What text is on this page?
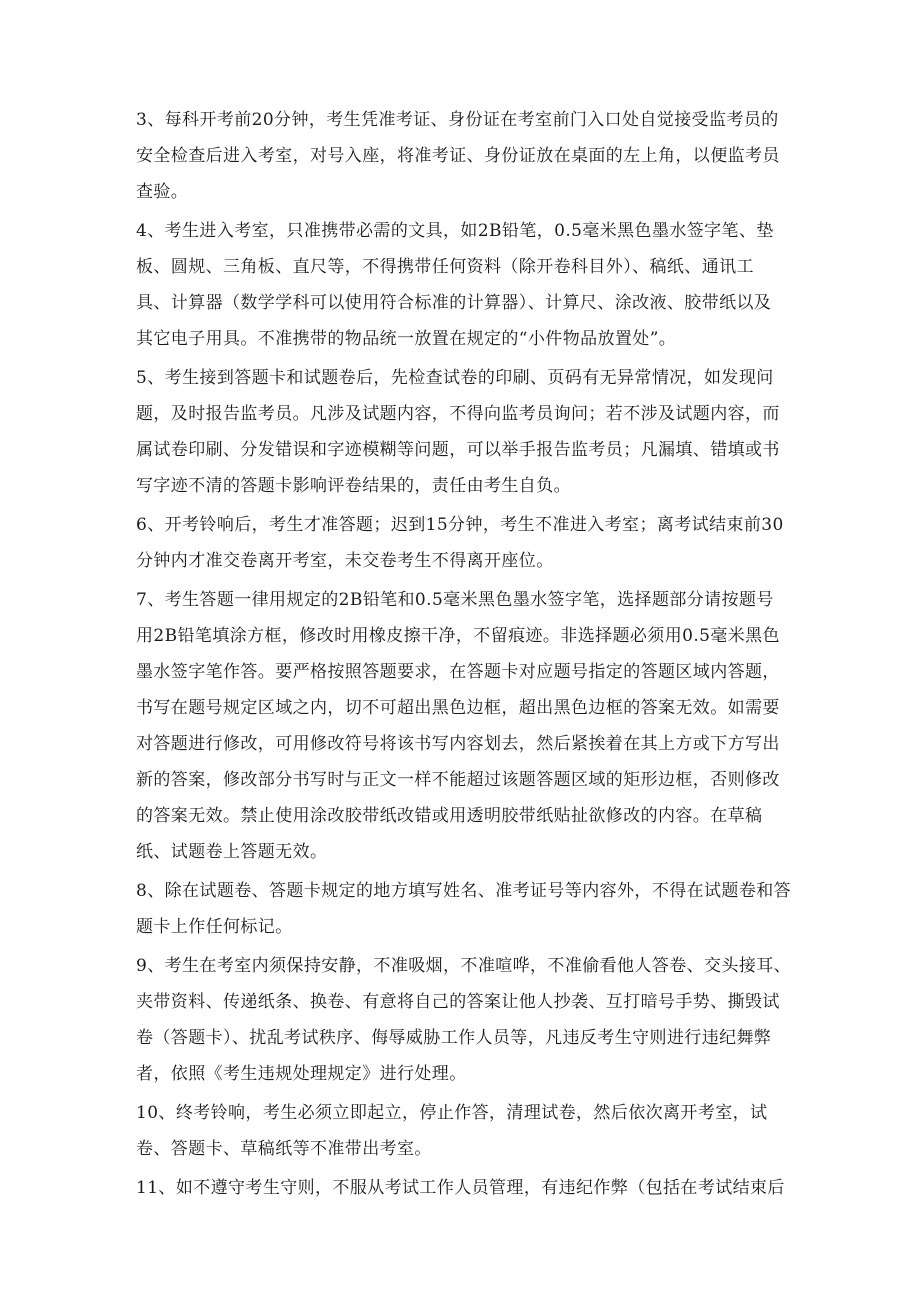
3、每科开考前20分钟，考生凭准考证、身份证在考室前门入口处自觉接受监考员的
安全检查后进入考室，对号入座，将准考证、身份证放在桌面的左上角，以便监考员
查验。
4、考生进入考室，只准携带必需的文具，如2B铅笔，0.5毫米黑色墨水签字笔、垫
板、圆规、三角板、直尺等，不得携带任何资料（除开卷科目外）、稿纸、通讯工
具、计算器（数学学科可以使用符合标准的计算器）、计算尺、涂改液、胶带纸以及
其它电子用具。不准携带的物品统一放置在规定的“小件物品放置处”。
5、考生接到答题卡和试题卷后，先检查试卷的印刷、页码有无异常情况，如发现问
题，及时报告监考员。凡涉及试题内容，不得向监考员询问；若不涉及试题内容，而
属试卷印刷、分发错误和字迹模糊等问题，可以举手报告监考员；凡漏填、错填或书
写字迹不清的答题卡影响评卷结果的，责任由考生自负。
6、开考铃响后，考生才准答题；迟到15分钟，考生不准进入考室；离考试结束前30
分钟内才准交卷离开考室，未交卷考生不得离开座位。
7、考生答题一律用规定的2B铅笔和0.5毫米黑色墨水签字笔，选择题部分请按题号
用2B铅笔填涂方框，修改时用橡皮擦干净，不留痕迹。非选择题必须用0.5毫米黑色
墨水签字笔作答。要严格按照答题要求，在答题卡对应题号指定的答题区域内答题，
书写在题号规定区域之内，切不可超出黑色边框，超出黑色边框的答案无效。如需要
对答题进行修改，可用修改符号将该书写内容划去，然后紧挨着在其上方或下方写出
新的答案，修改部分书写时与正文一样不能超过该题答题区域的矩形边框，否则修改
的答案无效。禁止使用涂改胶带纸改错或用透明胶带纸贴扯欲修改的内容。在草稿
纸、试题卷上答题无效。
8、除在试题卷、答题卡规定的地方填写姓名、准考证号等内容外，不得在试题卷和答
题卡上作任何标记。
9、考生在考室内须保持安静，不准吸烟，不准喧哗，不准偷看他人答卷、交头接耳、
夹带资料、传递纸条、换卷、有意将自己的答案让他人抄袭、互打暗号手势、撕毁试
卷（答题卡）、扰乱考试秩序、侮辱威胁工作人员等，凡违反考生守则进行违纪舞弊
者，依照《考生违规处理规定》进行处理。
10、终考铃响，考生必须立即起立，停止作答，清理试卷，然后依次离开考室，试
卷、答题卡、草稿纸等不准带出考室。
11、如不遵守考生守则，不服从考试工作人员管理，有违纪作弊（包括在考试结束后
